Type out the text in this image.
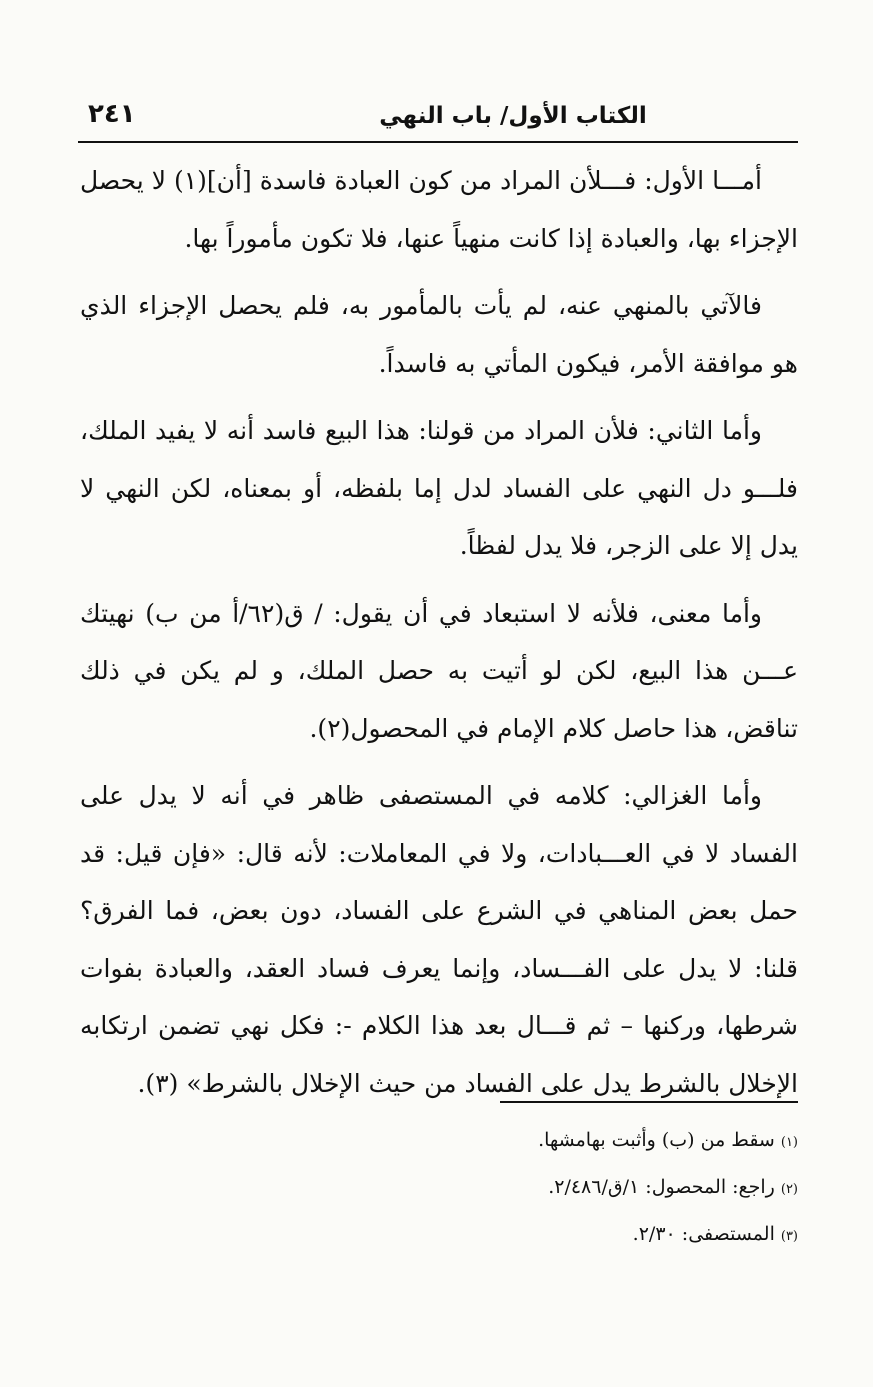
الكتاب الأول/ باب النهي
٢٤١

أمـــا الأول: فـــلأن المراد من كون العبادة فاسدة [أن](١) لا يحصل الإجزاء بها، والعبادة إذا كانت منهياً عنها، فلا تكون مأموراً بها.

فالآتي بالمنهي عنه، لم يأت بالمأمور به، فلم يحصل الإجزاء الذي هو موافقة الأمر، فيكون المأتي به فاسداً.

وأما الثاني: فلأن المراد من قولنا: هذا البيع فاسد أنه لا يفيد الملك، فلـــو دل النهي على الفساد لدل إما بلفظه، أو بمعناه، لكن النهي لا يدل إلا على الزجر، فلا يدل لفظاً.

وأما معنى، فلأنه لا استبعاد في أن يقول: / ق(٦٢/أ من ب) نهيتك عـــن هذا البيع، لكن لو أتيت به حصل الملك، و لم يكن في ذلك تناقض، هذا حاصل كلام الإمام في المحصول(٢).

وأما الغزالي: كلامه في المستصفى ظاهر في أنه لا يدل على الفساد لا في العـــبادات، ولا في المعاملات: لأنه قال: «فإن قيل: قد حمل بعض المناهي في الشرع على الفساد، دون بعض، فما الفرق؟ قلنا: لا يدل على الفـــساد، وإنما يعرف فساد العقد، والعبادة بفوات شرطها، وركنها – ثم قـــال بعد هذا الكلام -: فكل نهي تضمن ارتكابه الإخلال بالشرط يدل على الفساد من حيث الإخلال بالشرط» (٣).

(١)سقط من (ب) وأثبت بهامشها.
(٢)راجع: المحصول: ١/ق/٢/٤٨٦.
(٣)المستصفى: ٢/٣٠.
